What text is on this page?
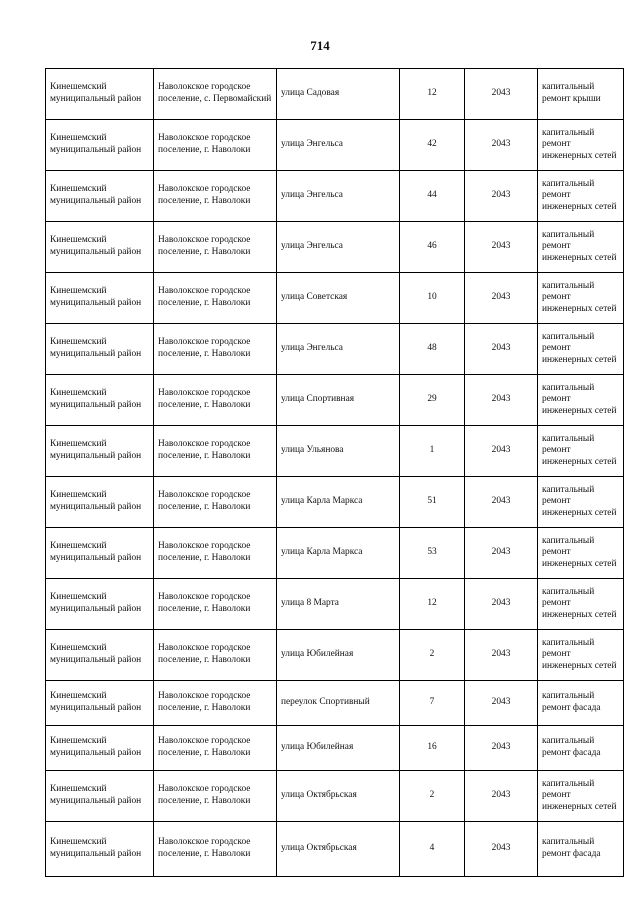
714
Кинешемский муниципальный район	Наволокское городское поселение, с. Первомайский	улица Садовая	12	2043	капитальный ремонт крыши
Кинешемский муниципальный район	Наволокское городское поселение, г. Наволоки	улица Энгельса	42	2043	капитальный ремонт инженерных сетей
Кинешемский муниципальный район	Наволокское городское поселение, г. Наволоки	улица Энгельса	44	2043	капитальный ремонт инженерных сетей
Кинешемский муниципальный район	Наволокское городское поселение, г. Наволоки	улица Энгельса	46	2043	капитальный ремонт инженерных сетей
Кинешемский муниципальный район	Наволокское городское поселение, г. Наволоки	улица Советская	10	2043	капитальный ремонт инженерных сетей
Кинешемский муниципальный район	Наволокское городское поселение, г. Наволоки	улица Энгельса	48	2043	капитальный ремонт инженерных сетей
Кинешемский муниципальный район	Наволокское городское поселение, г. Наволоки	улица Спортивная	29	2043	капитальный ремонт инженерных сетей
Кинешемский муниципальный район	Наволокское городское поселение, г. Наволоки	улица Ульянова	1	2043	капитальный ремонт инженерных сетей
Кинешемский муниципальный район	Наволокское городское поселение, г. Наволоки	улица Карла Маркса	51	2043	капитальный ремонт инженерных сетей
Кинешемский муниципальный район	Наволокское городское поселение, г. Наволоки	улица Карла Маркса	53	2043	капитальный ремонт инженерных сетей
Кинешемский муниципальный район	Наволокское городское поселение, г. Наволоки	улица 8 Марта	12	2043	капитальный ремонт инженерных сетей
Кинешемский муниципальный район	Наволокское городское поселение, г. Наволоки	улица Юбилейная	2	2043	капитальный ремонт инженерных сетей
Кинешемский муниципальный район	Наволокское городское поселение, г. Наволоки	переулок Спортивный	7	2043	капитальный ремонт фасада
Кинешемский муниципальный район	Наволокское городское поселение, г. Наволоки	улица Юбилейная	16	2043	капитальный ремонт фасада
Кинешемский муниципальный район	Наволокское городское поселение, г. Наволоки	улица Октябрьская	2	2043	капитальный ремонт инженерных сетей
Кинешемский муниципальный район	Наволокское городское поселение, г. Наволоки	улица Октябрьская	4	2043	капитальный ремонт фасада
